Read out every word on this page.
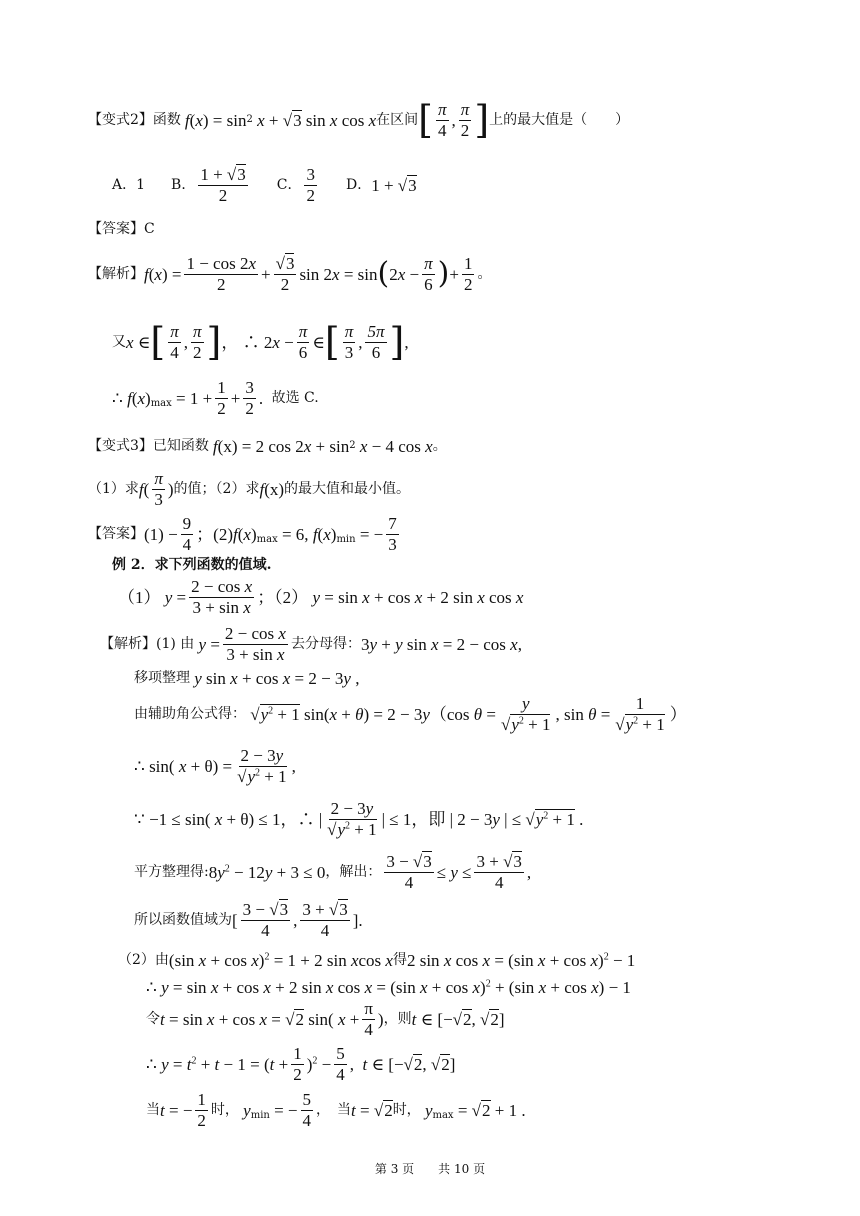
【变式2】函数 f ( x ) = sin 2 x + √3 sin x cos x 在区间 [ $\frac{\pi}{4}$ , $\frac{\pi}{2}$ ] 上的最大值是（　　）
A．1 B． $\frac{1 + √3}{2}$ C． $\frac{3}{2}$ D． 1 + √3
【答案】C
【解析】 f ( x ) = $\frac{1 - \cos 2x}{2} + \frac{√3}{2}$ sin 2x = sin ( $2x - \frac{\pi}{6}$ ) + $\frac{1}{2}$ 。
又 x ∈ [ $\frac{\pi}{4}$ , $\frac{\pi}{2}$ ] ， ∴ $2x - \frac{\pi}{6}$ ∈ [ $\frac{\pi}{3}$ , $\frac{5\pi}{6}$ ] ,
∴ f ( x ) $\max = 1 + \frac{1}{2} + \frac{3}{2}$ . 故选 C.
【变式3】已知函数 f (x) = 2 cos 2x + sin 2 x − 4 cos x 。
（1）求 f ( $\frac{\pi}{3}$ ) 的值；（2）求 f (x) 的最大值和最小值。
【答案】 $(1) - \frac{9}{4}$ ；(2) f ( x ) max = 6, f ( x ) min = − $\frac{7}{3}$
例 2．求下列函数的值域.
（1） $y = \frac{\text{2 − cos x}}{\text{3 + sin x}}$ ；（2） y = sin x + cos x + 2 sin x cos x
【解析】 (1) 由 $y = \frac{\text{2 − cos x}}{\text{3 + sin x}}$ 去分母得： 3y + y sin x = 2 − cos x,
移项整理 y sin x + cos x = 2 − 3y ,
由辅助角公式得： $√y^2 + 1$ sin(x + θ) = 2 − 3y（cos $\theta = \frac{y}{√y^2 + 1}$ , $\sin \theta = \frac{1}{√y^2 + 1}$ ）
∴ sin( $x + \theta) = \frac{2 - 3y}{√y^2 + 1}$ ,
∵ −1 ≤ sin( x + θ) ≤ 1，∴ | $\frac{2 - 3y}{√y^2 + 1}$ | ≤ 1，即 | 2 − 3y | ≤ $√y^2 + 1$ .
平方整理得: $8y^2 - 12y + 3 \le 0$ ，解出： $\frac{3 - √3}{4} \le y \le \frac{3 + √3}{4}$ ,
所以函数值域为 [ $\frac{3 - √3}{4}$ , $\frac{3 + √3}{4}$ ].
（2）由 (sin x + cos x)$^2$ = 1 + 2 sin xcos x 得 2 sin x cos x = (sin x + cos x)$^2$ − 1
∴ y = sin x + cos x + 2 sin x cos x = (sin x + cos x)$^2$ + (sin x + cos x) − 1
令 t = sin x + cos x = √2 sin( $x + \frac{\pi}{4}$ ) ，则 t ∈ [−√2, √2]
∴ $y = t^2 + t - 1 = (t + \frac{1}{2} )^2 - \frac{5}{4}$ ,  t ∈ [−√2, √2]
当 t = − $\frac{1}{2}$ 时， y min = − $\frac{5}{4}$ ，　当 t = √2 时， y max = √2 + 1 .
第 3 页　　共 10 页
